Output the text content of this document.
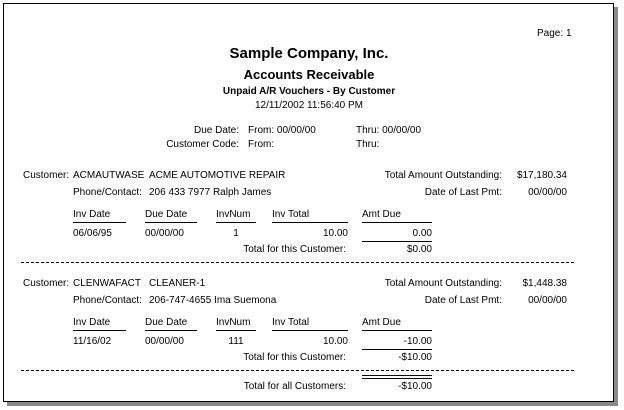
Page: 1
Sample Company, Inc.
Accounts Receivable
Unpaid A/R Vouchers - By Customer
12/11/2002 11:56:40 PM
Due Date: From: 00/00/00	Thru: 00/00/00
Customer Code: From:	Thru:
Customer: ACMAUTWASE ACME AUTOMOTIVE REPAIR	Total Amount Outstanding:	$17,180.34
Phone/Contact: 206 433 7977 Ralph James	Date of Last Pmt:	00/00/00
Inv Date	Due Date	InvNum Inv Total	Amt Due
06/06/95	00/00/00	1	10.00	0.00
Total for this Customer:	$0.00
Customer: CLENWAFACT CLEANER-1	Total Amount Outstanding:	$1,448.38
Phone/Contact: 206-747-4655 Ima Suemona	Date of Last Pmt:	00/00/00
Inv Date	Due Date	InvNum Inv Total	Amt Due
11/16/02	00/00/00	111	10.00	-10.00
Total for this Customer:	-$10.00
Total for all Customers:	-$10.00
